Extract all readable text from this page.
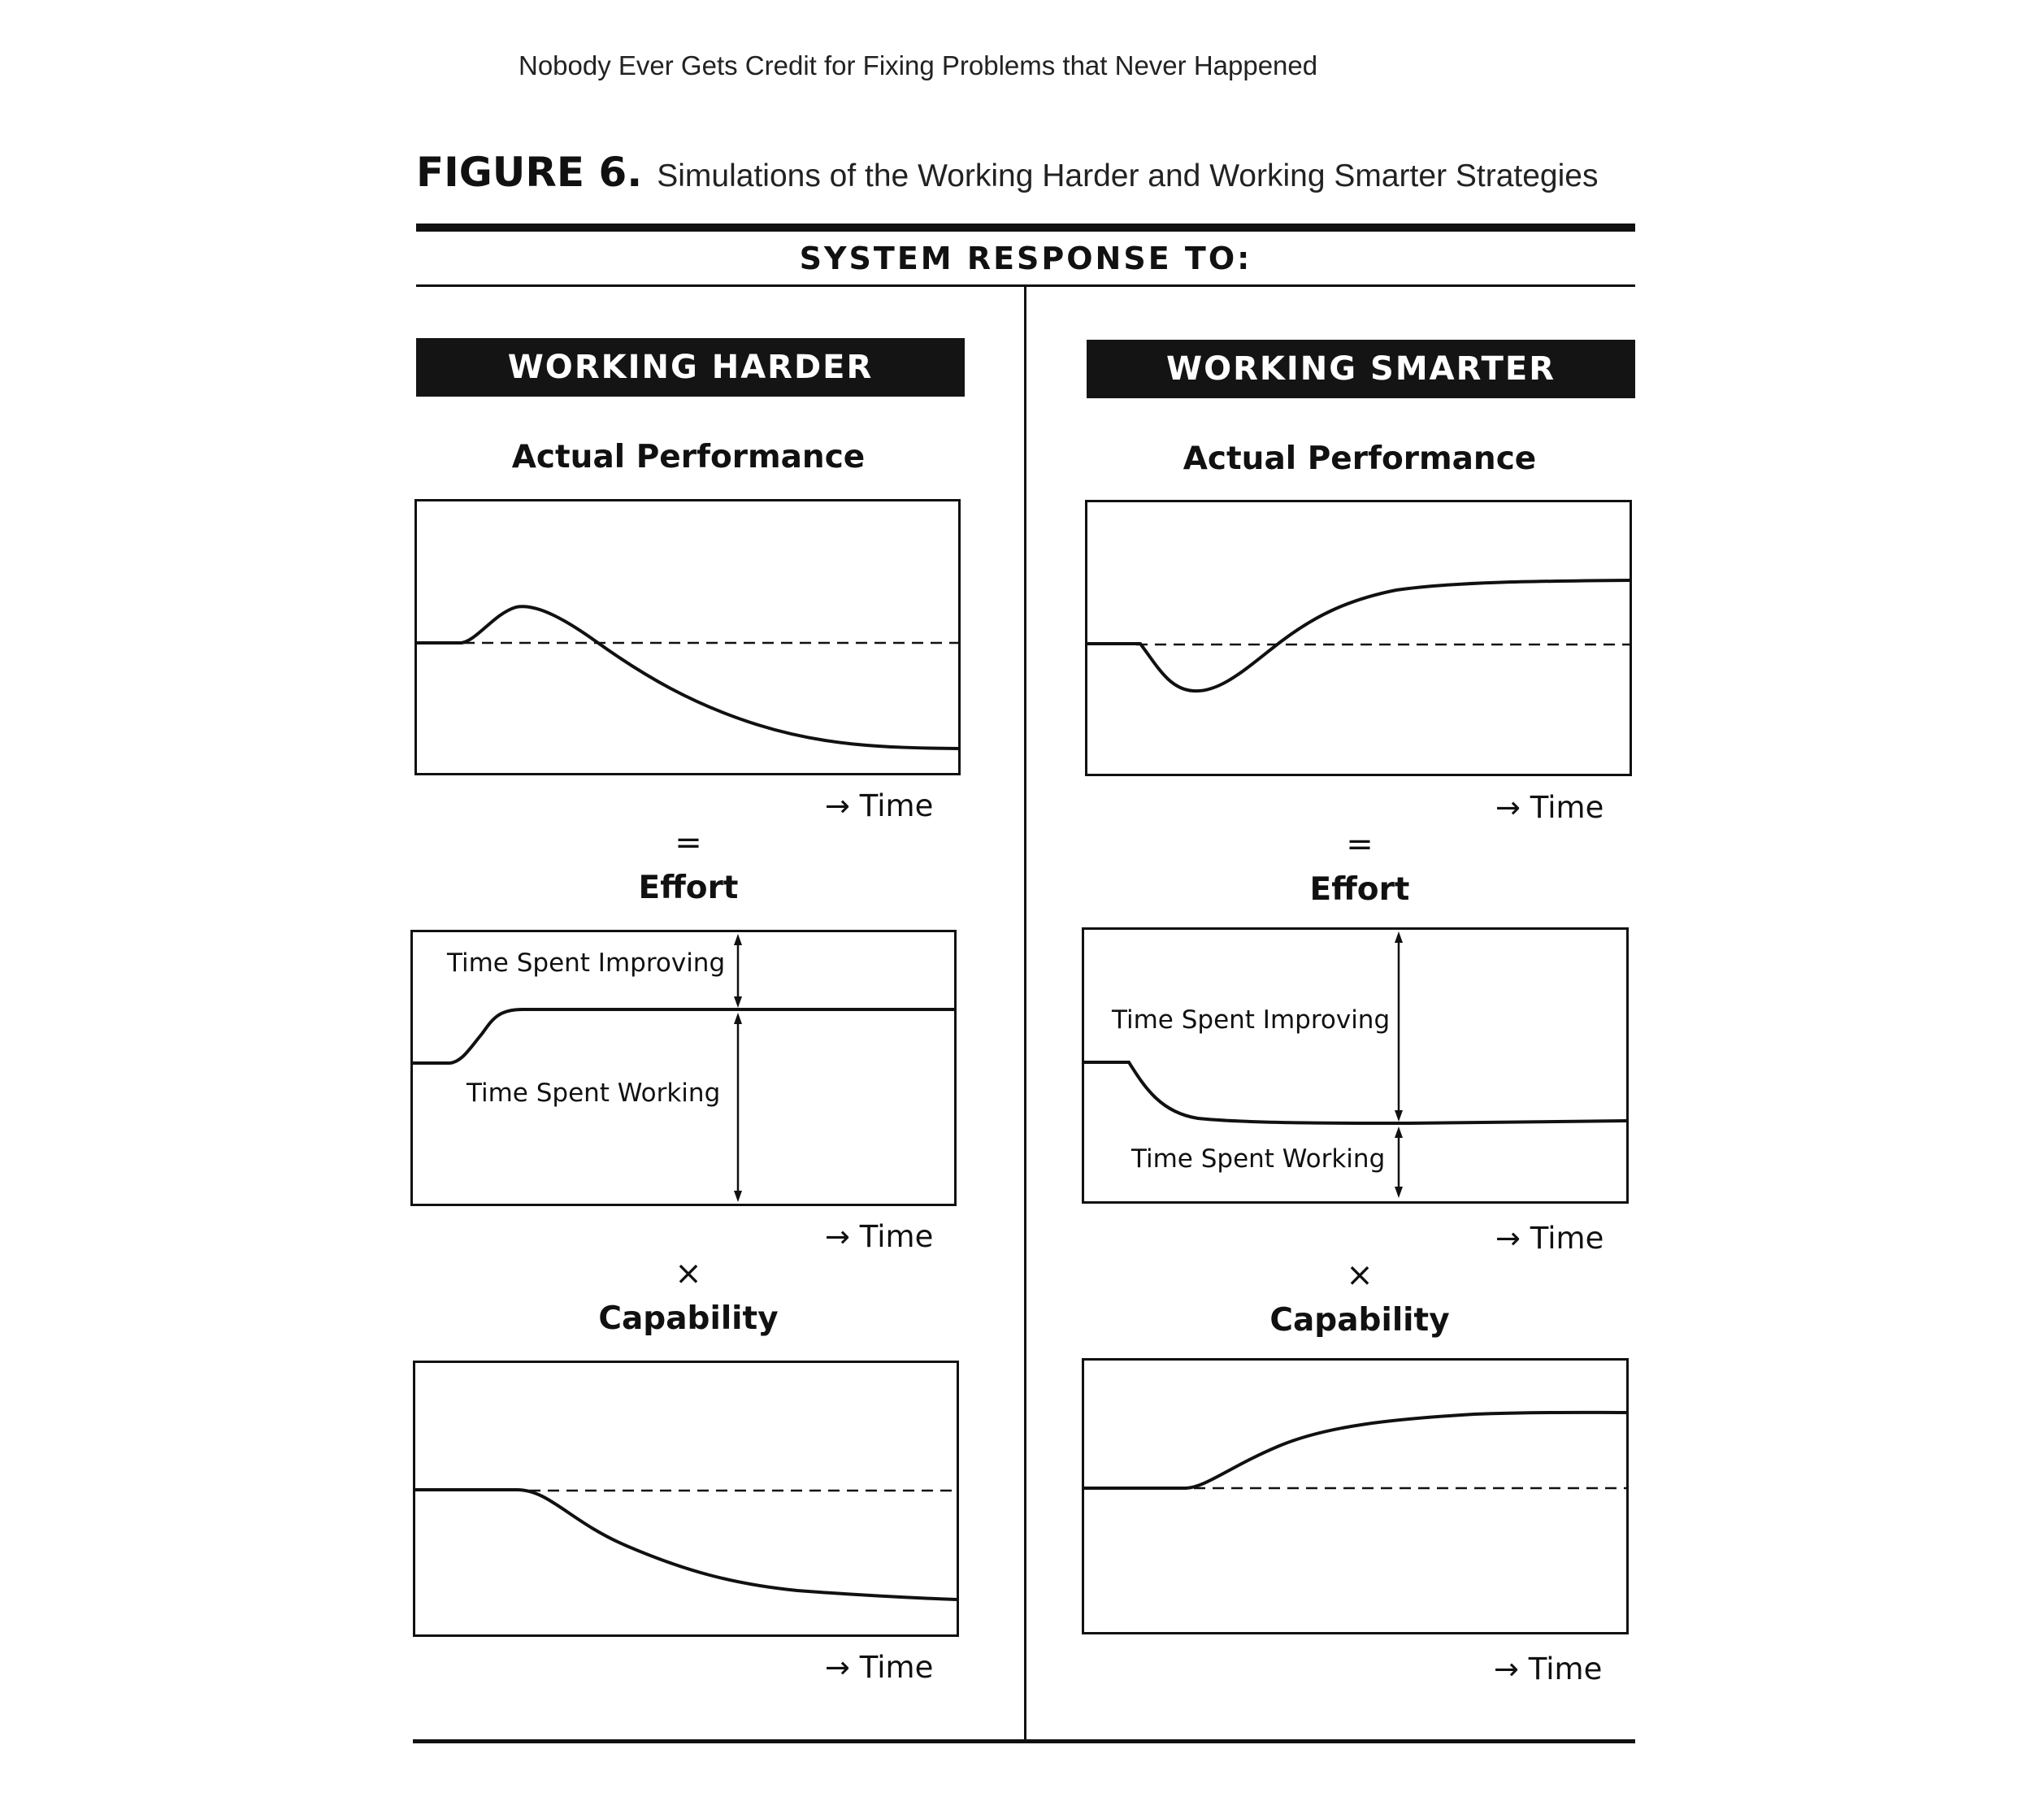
Nobody Ever Gets Credit for Fixing Problems that Never Happened
FIGURE 6. Simulations of the Working Harder and Working Smarter Strategies
SYSTEM RESPONSE TO:
WORKING HARDER
Actual Performance
→ Time
=
Effort
Time Spent Improving
Time Spent Working
→ Time
×
Capability
→ Time
WORKING SMARTER
Actual Performance
→ Time
=
Effort
Time Spent Improving
Time Spent Working
→ Time
×
Capability
→ Time
